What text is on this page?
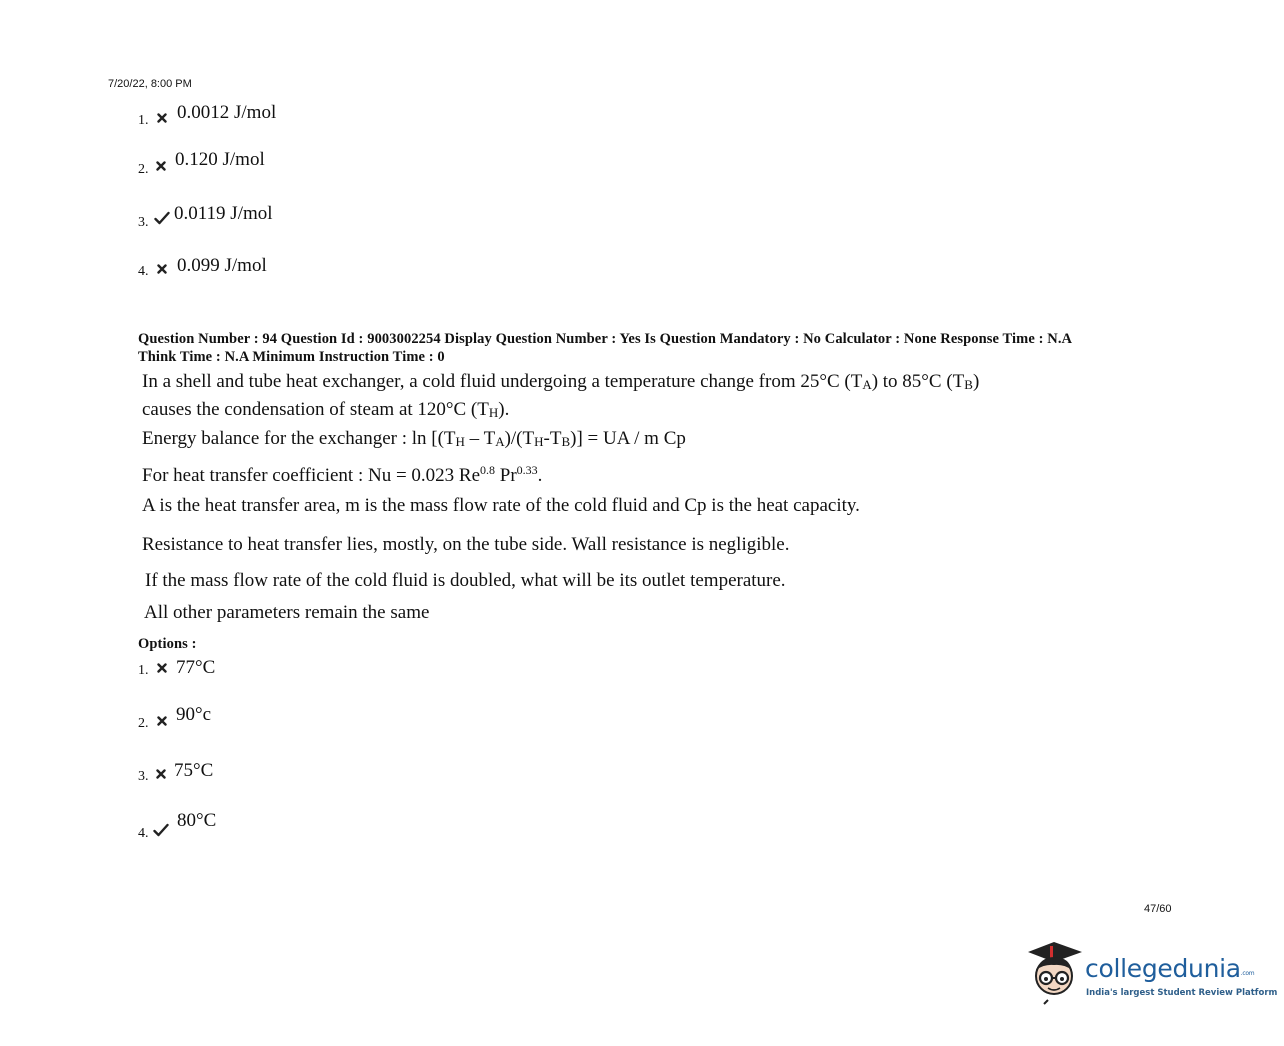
7/20/22, 8:00 PM
1. 0.0012 J/mol
2. 0.120 J/mol
3. 0.0119 J/mol
4. 0.099 J/mol
Question Number : 94 Question Id : 9003002254 Display Question Number : Yes Is Question Mandatory : No Calculator : None Response Time : N.A
Think Time : N.A Minimum Instruction Time : 0
In a shell and tube heat exchanger, a cold fluid undergoing a temperature change from 25°C $(T_A)$ to 85°C $(T_B)$
causes the condensation of steam at 120°C $(T_H)$.
Energy balance for the exchanger : $\ln [(T_H - T_A)/(T_H-T_B)]$ = UA / m Cp
For heat transfer coefficient : Nu = 0.023 $Re^{0.8}$ $Pr^{0.33}$.
A is the heat transfer area, m is the mass flow rate of the cold fluid and Cp is the heat capacity.
Resistance to heat transfer lies, mostly, on the tube side. Wall resistance is negligible.
If the mass flow rate of the cold fluid is doubled, what will be its outlet temperature.
All other parameters remain the same
Options :
1. 77°C
2. 90°c
3. 75°C
4.
80°C
47/60
collegedunia.com
India's largest Student Review Platform
